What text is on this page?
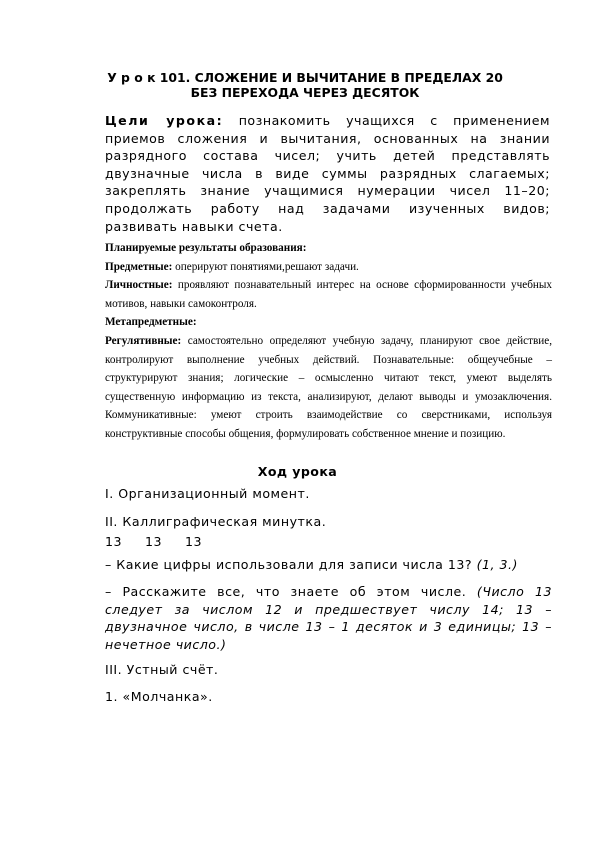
У р о к 101. СЛОЖЕНИЕ И ВЫЧИТАНИЕ В ПРЕДЕЛАХ 20
БЕЗ ПЕРЕХОДА ЧЕРЕЗ ДЕСЯТОК
Цели урока: познакомить учащихся с применением приемов сложения и вычитания, основанных на знании разрядного состава чисел; учить детей представлять двузначные числа в виде суммы разрядных слагаемых; закреплять знание учащимися нумерации чисел 11–20; продолжать работу над задачами изученных видов; развивать навыки счета.

Планируемые результаты образования:

Предметные: оперируют понятиями,решают задачи.

Личностные: проявляют познавательный интерес на основе сформированности учебных мотивов, навыки самоконтроля.

Метапредметные:

Регулятивные: самостоятельно определяют учебную задачу, планируют свое действие, контролируют выполнение учебных действий. Познавательные: общеучебные – структурируют знания; логические – осмысленно читают текст, умеют выделять существенную информацию из текста, анализируют, делают выводы и умозаключения. Коммуникативные: умеют строить взаимодействие со сверстниками, используя конструктивные способы общения, формулировать собственное мнение и позицию.

Ход урока
I. Организационный момент.
II. Каллиграфическая минутка.
13 13 13
– Какие цифры использовали для записи числа 13? (1, 3.)
– Расскажите все, что знаете об этом числе. (Число 13 следует за числом 12 и предшествует числу 14; 13 – двузначное число, в числе 13 – 1 десяток и 3 единицы; 13 – нечетное число.)
III. Устный счёт.
1. «Молчанка».
